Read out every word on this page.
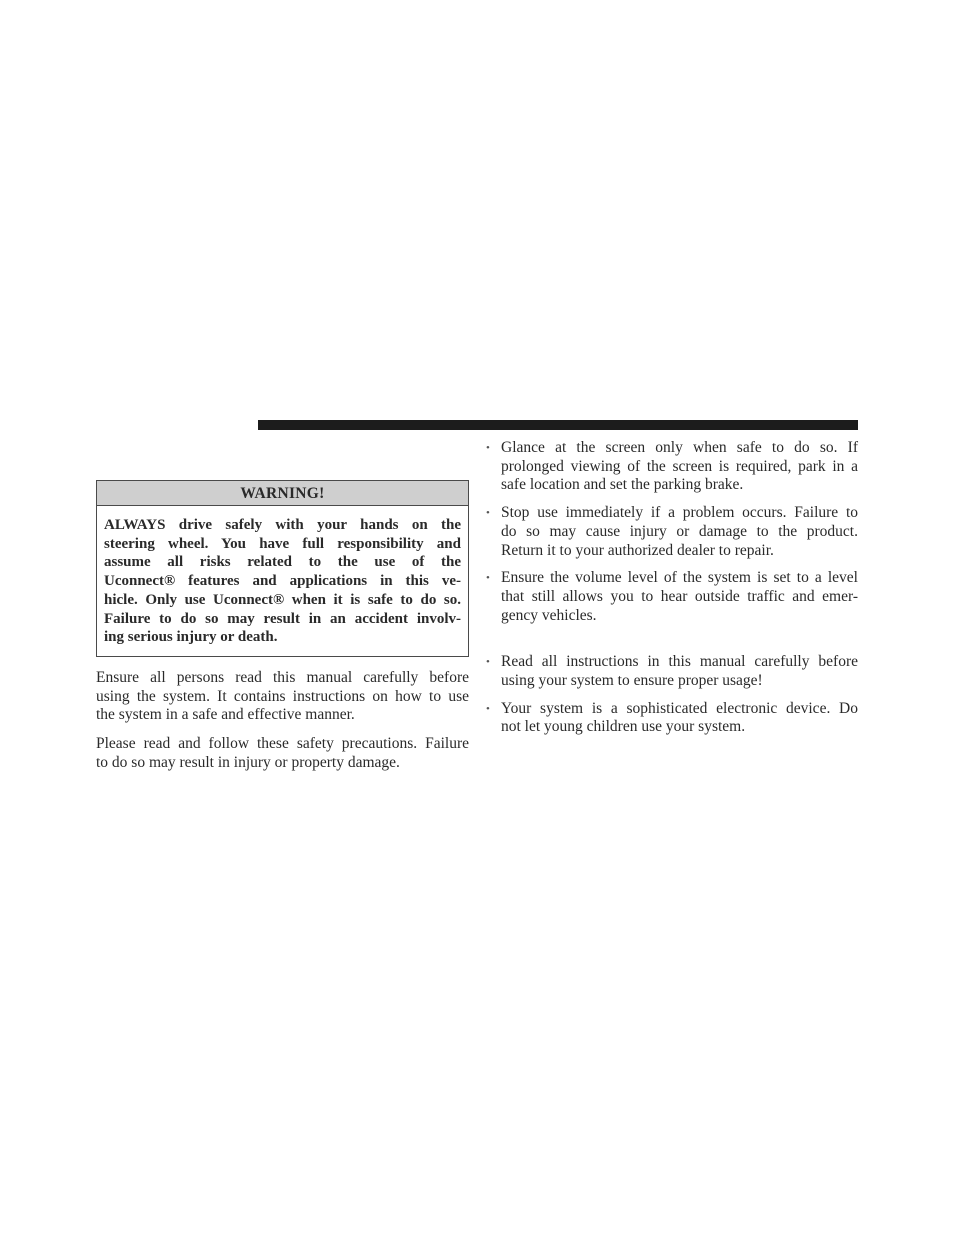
WARNING!
ALWAYS drive safely with your hands on the
steering wheel. You have full responsibility and
assume all risks related to the use of the
Uconnect® features and applications in this ve-
hicle. Only use Uconnect® when it is safe to do so.
Failure to do so may result in an accident involv-
ing serious injury or death.

Ensure all persons read this manual carefully before
using the system. It contains instructions on how to use
the system in a safe and effective manner.

Please read and follow these safety precautions. Failure
to do so may result in injury or property damage.

• Glance at the screen only when safe to do so. If
prolonged viewing of the screen is required, park in a
safe location and set the parking brake.
• Stop use immediately if a problem occurs. Failure to
do so may cause injury or damage to the product.
Return it to your authorized dealer to repair.
• Ensure the volume level of the system is set to a level
that still allows you to hear outside traffic and emer-
gency vehicles.
• Read all instructions in this manual carefully before
using your system to ensure proper usage!
• Your system is a sophisticated electronic device. Do
not let young children use your system.
